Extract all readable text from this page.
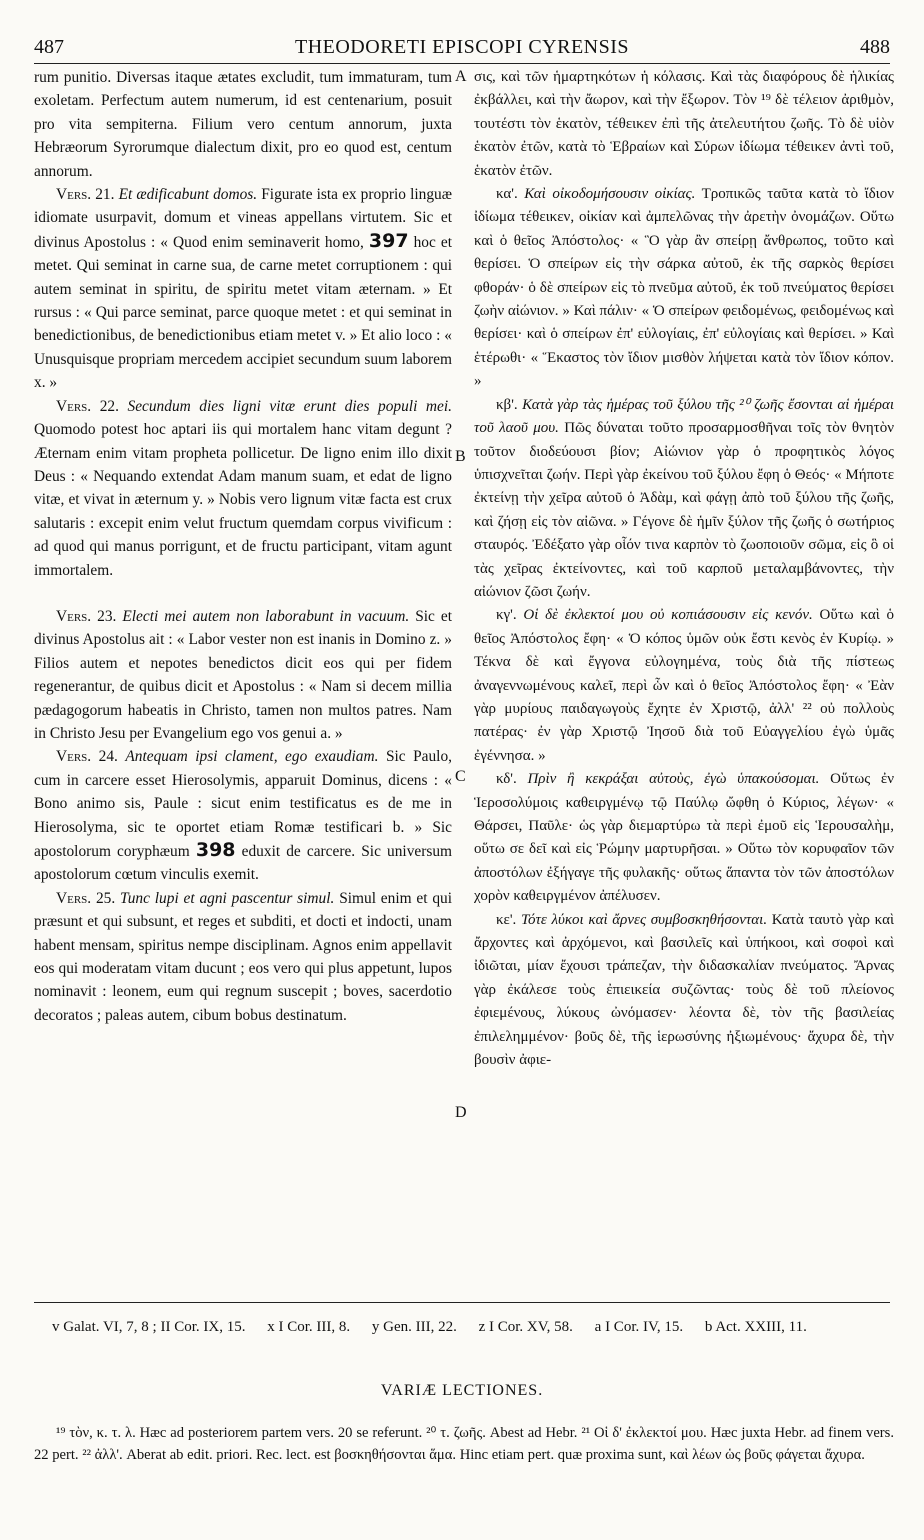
487	THEODORETI EPISCOPI CYRENSIS	488

rum punitio. Diversas itaque ætates excludit, tum immaturam, tum exoletam. Perfectum autem numerum, id est centenarium, posuit pro vita sempiterna. Filium vero centum annorum, juxta Hebræorum Syrorumque dialectum dixit, pro eo quod est, centum annorum.

Vers. 21. Et ædificabunt domos. Figurate ista ex proprio linguæ idiomate usurpavit, domum et vineas appellans virtutem. Sic et divinus Apostolus : « Quod enim seminaverit homo, 397 hoc et metet. Qui seminat in carne sua, de carne metet corruptionem : qui autem seminat in spiritu, de spiritu metet vitam æternam. » Et rursus : « Qui parce seminat, parce quoque metet : et qui seminat in benedictionibus, de benedictionibus etiam metet v. » Et alio loco : « Unusquisque propriam mercedem accipiet secundum suum laborem x. »

Vers. 22. Secundum dies ligni vitæ erunt dies populi mei. Quomodo potest hoc aptari iis qui mortalem hanc vitam degunt ? Æternam enim vitam propheta pollicetur. De ligno enim illo dixit Deus : « Nequando extendat Adam manum suam, et edat de ligno vitæ, et vivat in æternum y. » Nobis vero lignum vitæ facta est crux salutaris : excepit enim velut fructum quemdam corpus vivificum : ad quod qui manus porrigunt, et de fructu participant, vitam agunt immortalem.

Vers. 23. Electi mei autem non laborabunt in vacuum. Sic et divinus Apostolus ait : « Labor vester non est inanis in Domino z. » Filios autem et nepotes benedictos dicit eos qui per fidem regenerantur, de quibus dicit et Apostolus : « Nam si decem millia pædagogorum habeatis in Christo, tamen non multos patres. Nam in Christo Jesu per Evangelium ego vos genui a. »

Vers. 24. Antequam ipsi clament, ego exaudiam. Sic Paulo, cum in carcere esset Hierosolymis, apparuit Dominus, dicens : « Bono animo sis, Paule : sicut enim testificatus es de me in Hierosolyma, sic te oportet etiam Romæ testificari b. » Sic apostolorum coryphæum 398 eduxit de carcere. Sic universum apostolorum cœtum vinculis exemit.

Vers. 25. Tunc lupi et agni pascentur simul. Simul enim et qui præsunt et qui subsunt, et reges et subditi, et docti et indocti, unam habent mensam, spiritus nempe disciplinam. Agnos enim appellavit eos qui moderatam vitam ducunt ; eos vero qui plus appetunt, lupos nominavit : leonem, eum qui regnum suscepit ; boves, sacerdotio decoratos ; paleas autem, cibum bobus destinatum.

A
B
C
D

σις, καὶ τῶν ἡμαρτηκότων ἡ κόλασις. Καὶ τὰς διαφόρους δὲ ἡλικίας ἐκβάλλει, καὶ τὴν ἄωρον, καὶ τὴν ἔξωρον. Τὸν ¹⁹ δὲ τέλειον ἀριθμὸν, τουτέστι τὸν ἑκατὸν, τέθεικεν ἐπὶ τῆς ἀτελευτήτου ζωῆς. Τὸ δὲ υἱὸν ἑκατὸν ἐτῶν, κατὰ τὸ Ἑβραίων καὶ Σύρων ἰδίωμα τέθεικεν ἀντὶ τοῦ, ἑκατὸν ἐτῶν.

κα'. Καὶ οἰκοδομήσουσιν οἰκίας. Τροπικῶς ταῦτα κατὰ τὸ ἴδιον ἰδίωμα τέθεικεν, οἰκίαν καὶ ἀμπελῶνας τὴν ἀρετὴν ὀνομάζων. Οὕτω καὶ ὁ θεῖος Ἀπόστολος· « Ὃ γὰρ ἂν σπείρῃ ἄνθρωπος, τοῦτο καὶ θερίσει. Ὁ σπείρων εἰς τὴν σάρκα αὐτοῦ, ἐκ τῆς σαρκὸς θερίσει φθοράν· ὁ δὲ σπείρων εἰς τὸ πνεῦμα αὐτοῦ, ἐκ τοῦ πνεύματος θερίσει ζωὴν αἰώνιον. » Καὶ πάλιν· « Ὁ σπείρων φειδομένως, φειδομένως καὶ θερίσει· καὶ ὁ σπείρων ἐπ' εὐλογίαις, ἐπ' εὐλογίαις καὶ θερίσει. » Καὶ ἑτέρωθι· « Ἕκαστος τὸν ἴδιον μισθὸν λήψεται κατὰ τὸν ἴδιον κόπον. »

κβ'. Κατὰ γὰρ τὰς ἡμέρας τοῦ ξύλου τῆς ²⁰ ζωῆς ἔσονται αἱ ἡμέραι τοῦ λαοῦ μου. Πῶς δύναται τοῦτο προσαρμοσθῆναι τοῖς τὸν θνητὸν τοῦτον διοδεύουσι βίον; Αἰώνιον γὰρ ὁ προφητικὸς λόγος ὑπισχνεῖται ζωήν. Περὶ γὰρ ἐκείνου τοῦ ξύλου ἔφη ὁ Θεός· « Μήποτε ἐκτείνῃ τὴν χεῖρα αὐτοῦ ὁ Ἀδὰμ, καὶ φάγῃ ἀπὸ τοῦ ξύλου τῆς ζωῆς, καὶ ζήσῃ εἰς τὸν αἰῶνα. » Γέγονε δὲ ἡμῖν ξύλον τῆς ζωῆς ὁ σωτήριος σταυρός. Ἐδέξατο γὰρ οἷόν τινα καρπὸν τὸ ζωοποιοῦν σῶμα, εἰς ὃ οἱ τὰς χεῖρας ἐκτείνοντες, καὶ τοῦ καρποῦ μεταλαμβάνοντες, τὴν αἰώνιον ζῶσι ζωήν.

κγ'. Οἱ δὲ ἐκλεκτοί μου οὐ κοπιάσουσιν εἰς κενόν. Οὕτω καὶ ὁ θεῖος Ἀπόστολος ἔφη· « Ὁ κόπος ὑμῶν οὐκ ἔστι κενὸς ἐν Κυρίῳ. » Τέκνα δὲ καὶ ἔγγονα εὐλογημένα, τοὺς διὰ τῆς πίστεως ἀναγεννωμένους καλεῖ, περὶ ὧν καὶ ὁ θεῖος Ἀπόστολος ἔφη· « Ἐὰν γὰρ μυρίους παιδαγωγοὺς ἔχητε ἐν Χριστῷ, ἀλλ' ²² οὐ πολλοὺς πατέρας· ἐν γὰρ Χριστῷ Ἰησοῦ διὰ τοῦ Εὐαγγελίου ἐγὼ ὑμᾶς ἐγέννησα. »

κδ'. Πρὶν ἢ κεκράξαι αὐτοὺς, ἐγὼ ὑπακούσομαι. Οὕτως ἐν Ἱεροσολύμοις καθειργμένῳ τῷ Παύλῳ ὤφθη ὁ Κύριος, λέγων· « Θάρσει, Παῦλε· ὡς γὰρ διεμαρτύρω τὰ περὶ ἐμοῦ εἰς Ἱερουσαλὴμ, οὕτω σε δεῖ καὶ εἰς Ῥώμην μαρτυρῆσαι. » Οὕτω τὸν κορυφαῖον τῶν ἀποστόλων ἐξήγαγε τῆς φυλακῆς· οὕτως ἅπαντα τὸν τῶν ἀποστόλων χορὸν καθειργμένον ἀπέλυσεν.

κε'. Τότε λύκοι καὶ ἄρνες συμβοσκηθήσονται. Κατὰ ταυτὸ γὰρ καὶ ἄρχοντες καὶ ἀρχόμενοι, καὶ βασιλεῖς καὶ ὑπήκοοι, καὶ σοφοὶ καὶ ἰδιῶται, μίαν ἔχουσι τράπεζαν, τὴν διδασκαλίαν πνεύματος. Ἄρνας γὰρ ἐκάλεσε τοὺς ἐπιεικεία συζῶντας· τοὺς δὲ τοῦ πλείονος ἐφιεμένους, λύκους ὠνόμασεν· λέοντα δὲ, τὸν τῆς βασιλείας ἐπιλελημμένον· βοῦς δὲ, τῆς ἱερωσύνης ἠξιωμένους· ἄχυρα δὲ, τὴν βουσὶν ἀφιε-

v Galat. VI, 7, 8 ; II Cor. IX, 15. x I Cor. III, 8. y Gen. III, 22. z I Cor. XV, 58. a I Cor. IV, 15. b Act. XXIII, 11.
VARIÆ LECTIONES.
¹⁹ τὸν, κ. τ. λ. Hæc ad posteriorem partem vers. 20 se referunt. ²⁰ τ. ζωῆς. Abest ad Hebr. ²¹ Οἱ δ' ἐκλεκτοί μου. Hæc juxta Hebr. ad finem vers. 22 pert. ²² ἀλλ'. Aberat ab edit. priori. Rec. lect. est βοσκηθήσονται ἅμα. Hinc etiam pert. quæ proxima sunt, καὶ λέων ὡς βοῦς φάγεται ἄχυρα.
